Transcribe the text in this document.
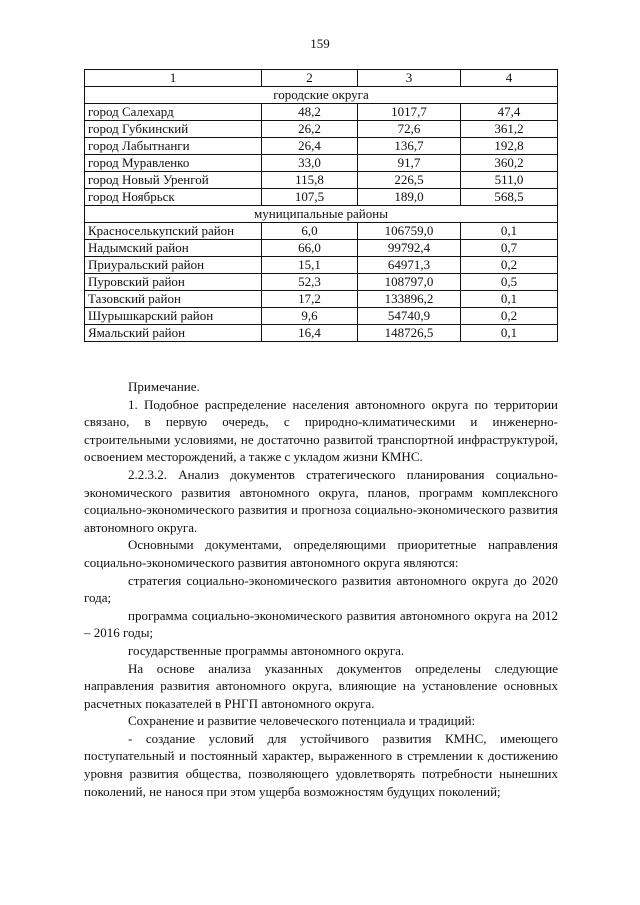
159
1	2	3	4
городские округа			
город Салехард	48,2	1017,7	47,4
город Губкинский	26,2	72,6	361,2
город Лабытнанги	26,4	136,7	192,8
город Муравленко	33,0	91,7	360,2
город Новый Уренгой	115,8	226,5	511,0
город Ноябрьск	107,5	189,0	568,5
муниципальные районы			
Красноселькупский район	6,0	106759,0	0,1
Надымский район	66,0	99792,4	0,7
Приуральский район	15,1	64971,3	0,2
Пуровский район	52,3	108797,0	0,5
Тазовский район	17,2	133896,2	0,1
Шурышкарский район	9,6	54740,9	0,2
Ямальский район	16,4	148726,5	0,1

Примечание.

1. Подобное распределение населения автономного округа по территории связано, в первую очередь, с природно-климатическими и инженерно-строительными условиями, не достаточно развитой транспортной инфраструктурой, освоением месторождений, а также с укладом жизни КМНС.

2.2.3.2. Анализ документов стратегического планирования социально-экономического развития автономного округа, планов, программ комплексного социально-экономического развития и прогноза социально-экономического развития автономного округа.

Основными документами, определяющими приоритетные направления социально-экономического развития автономного округа являются:

стратегия социально-экономического развития автономного округа до 2020 года;

программа социально-экономического развития автономного округа на 2012 – 2016 годы;

государственные программы автономного округа.

На основе анализа указанных документов определены следующие направления развития автономного округа, влияющие на установление основных расчетных показателей в РНГП автономного округа.

Сохранение и развитие человеческого потенциала и традиций:

- создание условий для устойчивого развития КМНС, имеющего поступательный и постоянный характер, выраженного в стремлении к достижению уровня развития общества, позволяющего удовлетворять потребности нынешних поколений, не нанося при этом ущерба возможностям будущих поколений;
